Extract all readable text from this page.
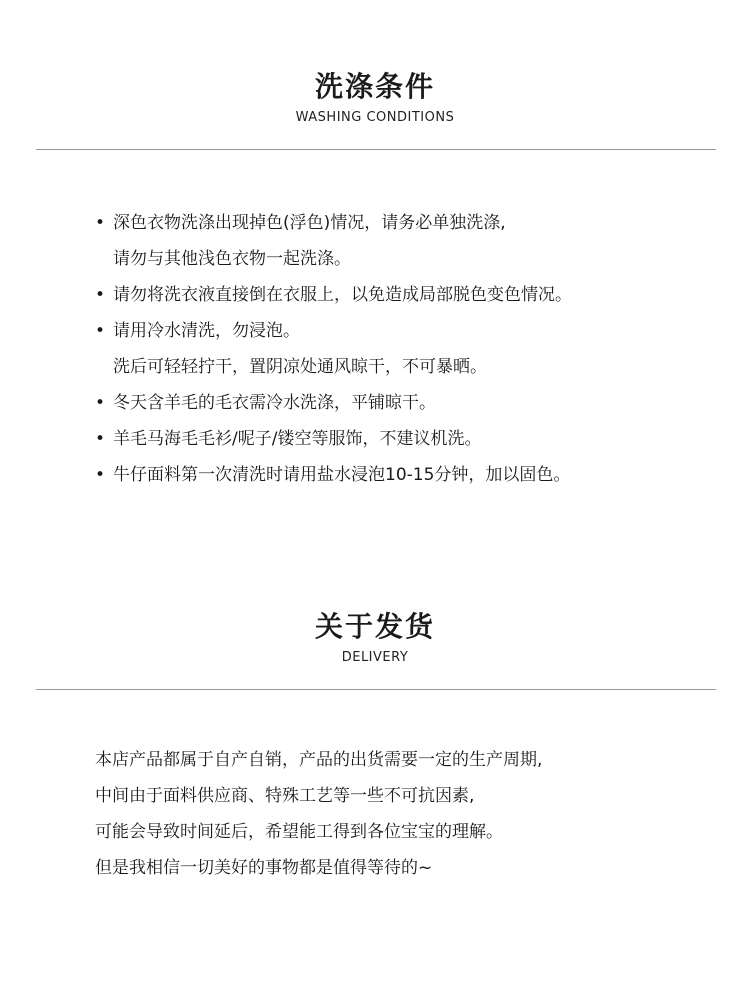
洗涤条件
WASHING CONDITIONS
• 深色衣物洗涤出现掉色(浮色)情况，请务必单独洗涤,
请勿与其他浅色衣物一起洗涤。
• 请勿将洗衣液直接倒在衣服上，以免造成局部脱色变色情况。
• 请用冷水清洗，勿浸泡。
洗后可轻轻拧干，置阴凉处通风晾干，不可暴晒。
• 冬天含羊毛的毛衣需冷水洗涤，平铺晾干。
• 羊毛马海毛毛衫/呢子/镂空等服饰，不建议机洗。
• 牛仔面料第一次清洗时请用盐水浸泡10-15分钟，加以固色。
关于发货
DELIVERY

本店产品都属于自产自销，产品的出货需要一定的生产周期,

中间由于面料供应商、特殊工艺等一些不可抗因素,

可能会导致时间延后，希望能工得到各位宝宝的理解。

但是我相信一切美好的事物都是值得等待的~
